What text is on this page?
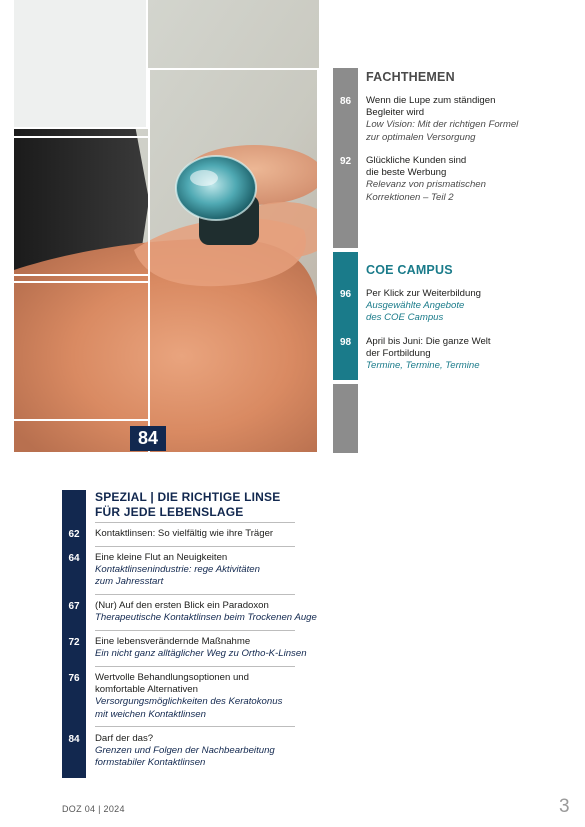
84
FACHTHEMEN
86	Wenn die Lupe zum ständigen
Begleiter wird
Low Vision: Mit der richtigen Formel
zur optimalen Versorgung
92	Glückliche Kunden sind
die beste Werbung
Relevanz von prismatischen
Korrektionen – Teil 2
COE CAMPUS
96	Per Klick zur Weiterbildung
Ausgewählte Angebote
des COE Campus
98	April bis Juni: Die ganze Welt
der Fortbildung
Termine, Termine, Termine
SPEZIAL | DIE RICHTIGE LINSE
FÜR JEDE LEBENSLAGE
62	Kontaktlinsen: So vielfältig wie ihre Träger
64	Eine kleine Flut an Neuigkeiten
Kontaktlinsenindustrie: rege Aktivitäten
zum Jahresstart
67	(Nur) Auf den ersten Blick ein Paradoxon
Therapeutische Kontaktlinsen beim Trockenen Auge
72	Eine lebensverändernde Maßnahme
Ein nicht ganz alltäglicher Weg zu Ortho-K-Linsen
76	Wertvolle Behandlungsoptionen und
komfortable Alternativen
Versorgungsmöglichkeiten des Keratokonus
mit weichen Kontaktlinsen
84	Darf der das?
Grenzen und Folgen der Nachbearbeitung
formstabiler Kontaktlinsen
DOZ 04 | 2024	3
